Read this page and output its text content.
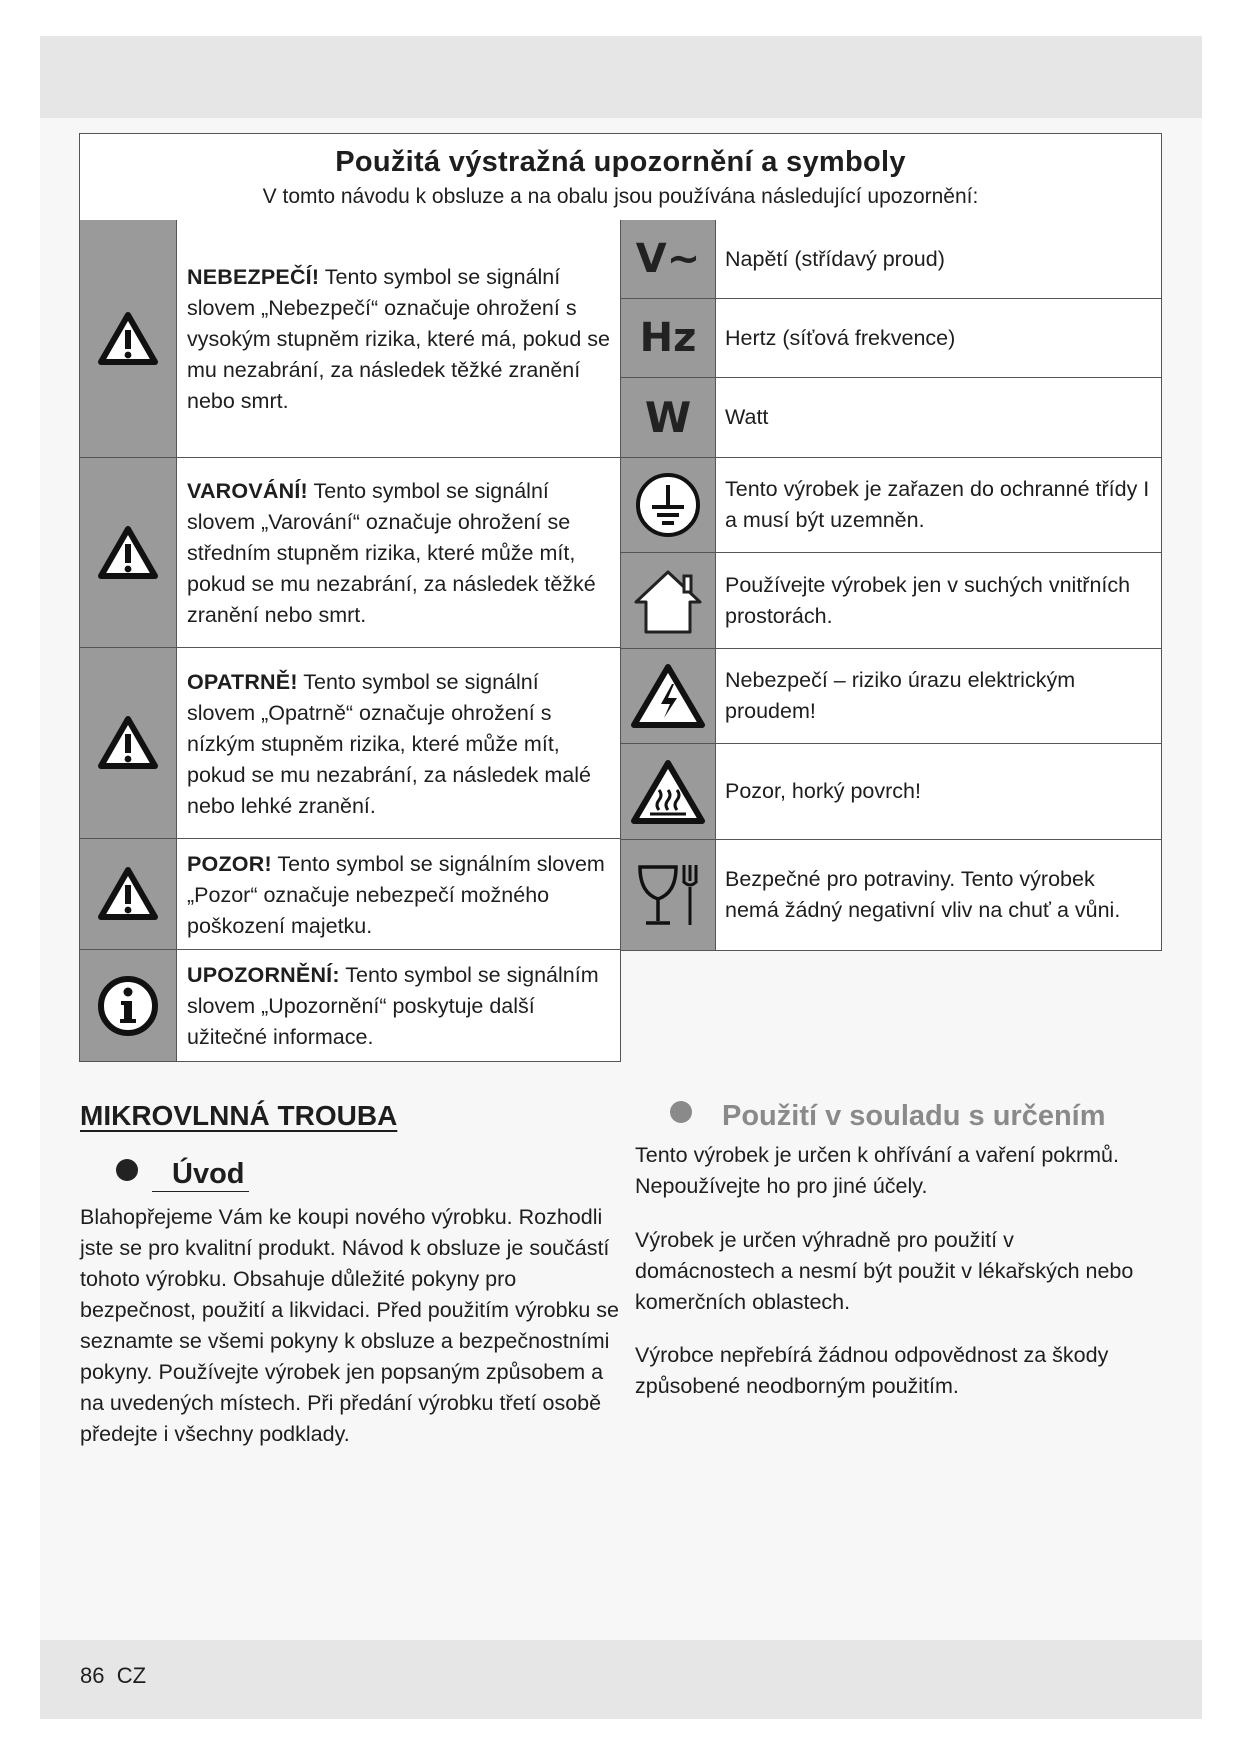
Použitá výstražná upozornění a symboly
V tomto návodu k obsluze a na obalu jsou používána následující upozornění:
NEBEZPEČÍ! Tento symbol se signální slovem „Nebezpečí“ označuje ohrožení s vysokým stupněm rizika, které má, pokud se mu nezabrání, za následek těžké zranění nebo smrt.
VAROVÁNÍ! Tento symbol se signální slovem „Varování“ označuje ohrožení se středním stupněm rizika, které může mít, pokud se mu nezabrání, za následek těžké zranění nebo smrt.
OPATRNĚ! Tento symbol se signální slovem „Opatrně“ označuje ohrožení s nízkým stupněm rizika, které může mít, pokud se mu nezabrání, za následek malé nebo lehké zranění.
POZOR! Tento symbol se signálním slovem „Pozor“ označuje nebezpečí možného poškození majetku.
UPOZORNĚNÍ: Tento symbol se signálním slovem „Upozornění“ poskytuje další užitečné informace.
V~	Napětí (střídavý proud)
Hz	Hertz (síťová frekvence)
W	Watt
Tento výrobek je zařazen do ochranné třídy I a musí být uzemněn.
Používejte výrobek jen v suchých vnitřních prostorách.
Nebezpečí – riziko úrazu elektrickým proudem!
Pozor, horký povrch!
Bezpečné pro potraviny. Tento výrobek nemá žádný negativní vliv na chuť a vůni.
MIKROVLNNÁ TROUBA
Úvod
Blahopřejeme Vám ke koupi nového výrobku. Rozhodli jste se pro kvalitní produkt. Návod k obsluze je součástí tohoto výrobku. Obsahuje důležité pokyny pro bezpečnost, použití a likvidaci. Před použitím výrobku se seznamte se všemi pokyny k obsluze a bezpečnostními pokyny. Používejte výrobek jen popsaným způsobem a na uvedených místech. Při předání výrobku třetí osobě předejte i všechny podklady.
Použití v souladu s určením
Tento výrobek je určen k ohřívání a vaření pokrmů. Nepoužívejte ho pro jiné účely.
Výrobek je určen výhradně pro použití v domácnostech a nesmí být použit v lékařských nebo komerčních oblastech.
Výrobce nepřebírá žádnou odpovědnost za škody způsobené neodborným použitím.
86 CZ
